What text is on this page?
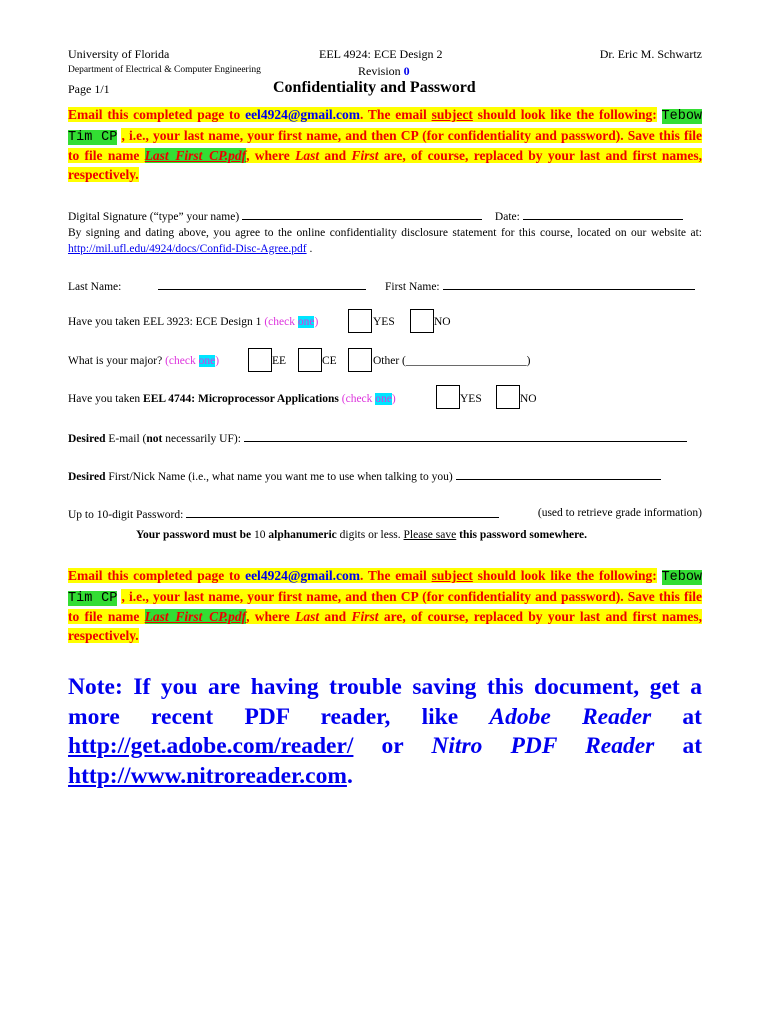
University of Florida
Department of Electrical & Computer Engineering
EEL 4924: ECE Design 2
Revision 0
Dr. Eric M. Schwartz
Page 1/1	Confidentiality and Password
Email this completed page to eel4924@gmail.com. The email subject should look like the following: Tebow Tim CP , i.e., your last name, your first name, and then CP (for confidentiality and password). Save this file to file name Last_First_CP.pdf, where Last and First are, of course, replaced by your last and first names, respectively.
Digital Signature (“type” your name)	Date:
By signing and dating above, you agree to the online confidentiality disclosure statement for this course, located on our website at: http://mil.ufl.edu/4924/docs/Confid-Disc-Agree.pdf .
Last Name:	First Name:
Have you taken EEL 3923: ECE Design 1 (check one)	YES	NO
What is your major? (check one)	EE	CE	Other (_____________________)
Have you taken EEL 4744: Microprocessor Applications (check one)	YES	NO
Desired E-mail (not necessarily UF):
Desired First/Nick Name (i.e., what name you want me to use when talking to you)
Up to 10-digit Password:	(used to retrieve grade information)
Your password must be 10 alphanumeric digits or less. Please save this password somewhere.
Email this completed page to eel4924@gmail.com. The email subject should look like the following: Tebow Tim CP , i.e., your last name, your first name, and then CP (for confidentiality and password). Save this file to file name Last_First_CP.pdf, where Last and First are, of course, replaced by your last and first names, respectively.
Note: If you are having trouble saving this document, get a more recent PDF reader, like Adobe Reader at http://get.adobe.com/reader/ or Nitro PDF Reader at http://www.nitroreader.com.
